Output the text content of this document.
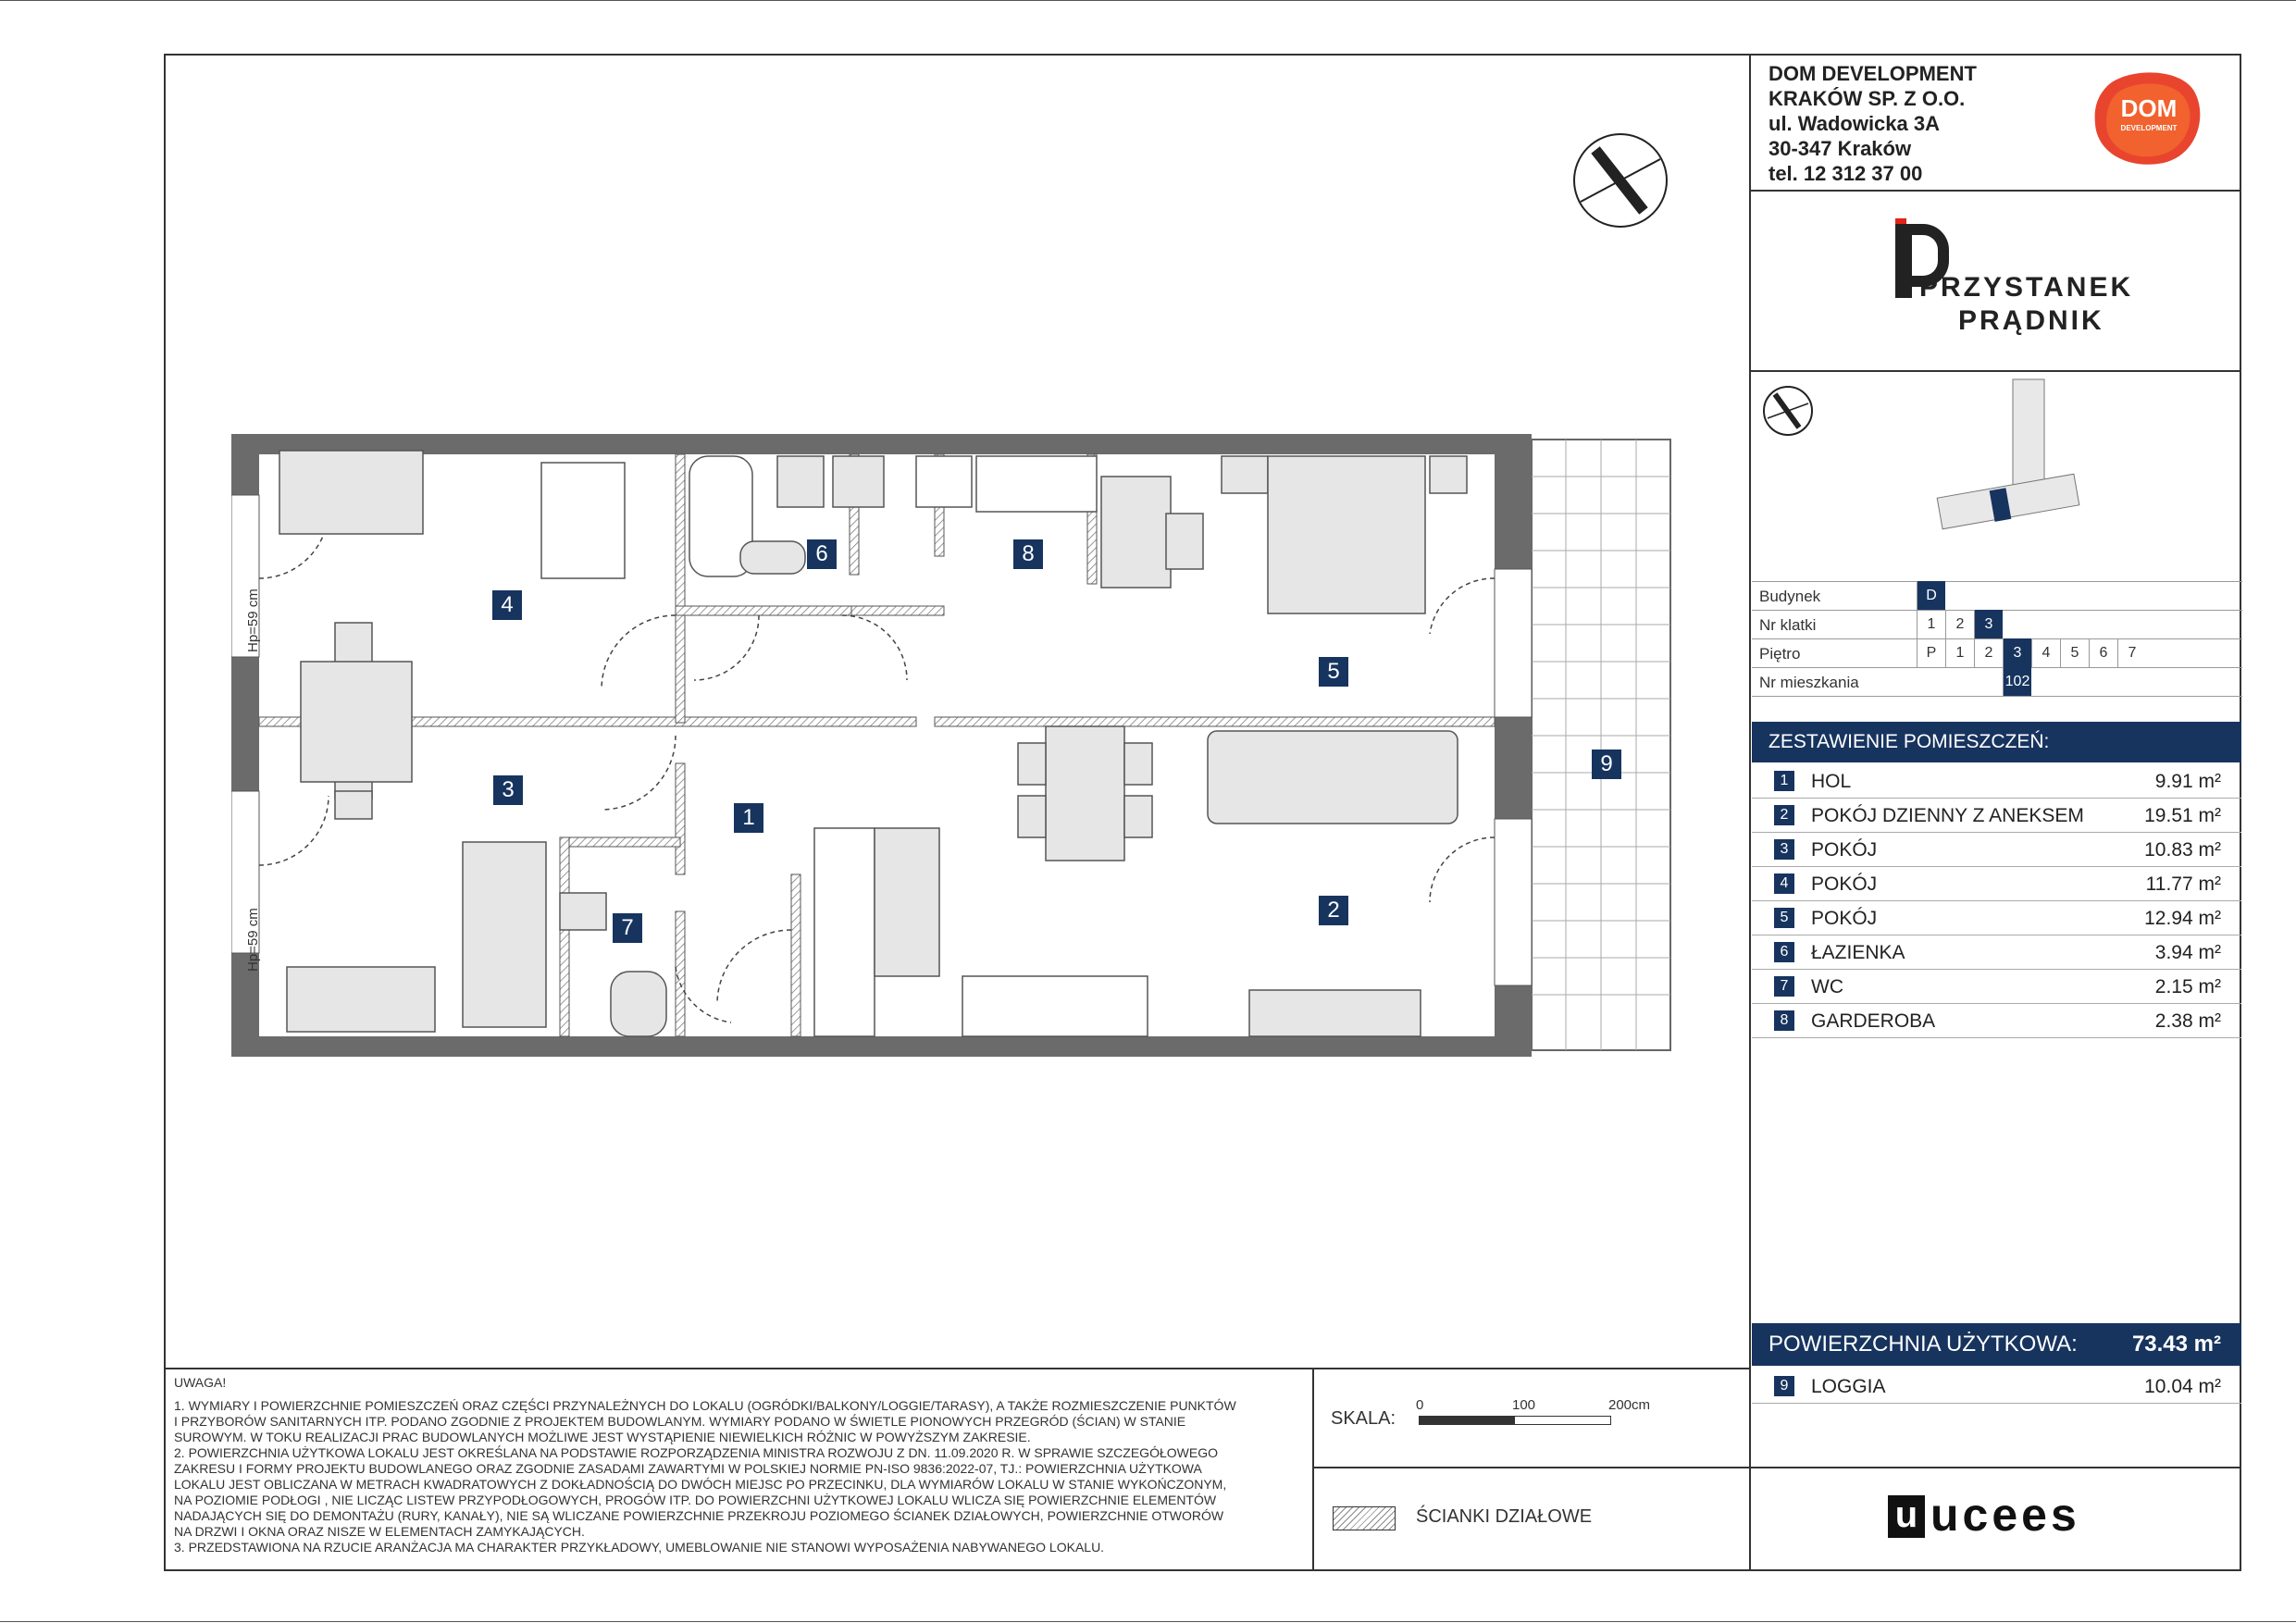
DOM DEVELOPMENT
KRAKÓW SP. Z O.O.
ul. Wadowicka 3A
30-347 Kraków
tel. 12 312 37 00
DOM
DEVELOPMENT
PRZYSTANEK
PRĄDNIK
Budynek	D
Nr klatki	1	2	3
Piętro	P	1	2	3	4	5	6	7
Nr mieszkania	102
ZESTAWIENIE POMIESZCZEŃ:
1	HOL	9.91 m²
2	POKÓJ DZIENNY Z ANEKSEM	19.51 m²
3	POKÓJ	10.83 m²
4	POKÓJ	11.77 m²
5	POKÓJ	12.94 m²
6	ŁAZIENKA	3.94 m²
7	WC	2.15 m²
8	GARDEROBA	2.38 m²
POWIERZCHNIA UŻYTKOWA: 73.43 m²
9	LOGGIA	10.04 m²
u ucees
UWAGA!
1. WYMIARY I POWIERZCHNIE POMIESZCZEŃ ORAZ CZĘŚCI PRZYNALEŻNYCH DO LOKALU (OGRÓDKI/BALKONY/LOGGIE/TARASY), A TAKŻE ROZMIESZCZENIE PUNKTÓW
I PRZYBORÓW SANITARNYCH ITP. PODANO ZGODNIE Z PROJEKTEM BUDOWLANYM. WYMIARY PODANO W ŚWIETLE PIONOWYCH PRZEGRÓD (ŚCIAN) W STANIE
SUROWYM. W TOKU REALIZACJI PRAC BUDOWLANYCH MOŻLIWE JEST WYSTĄPIENIE NIEWIELKICH RÓŻNIC W POWYŻSZYM ZAKRESIE.
2. POWIERZCHNIA UŻYTKOWA LOKALU JEST OKREŚLANA NA PODSTAWIE ROZPORZĄDZENIA MINISTRA ROZWOJU Z DN. 11.09.2020 R. W SPRAWIE SZCZEGÓŁOWEGO
ZAKRESU I FORMY PROJEKTU BUDOWLANEGO ORAZ ZGODNIE ZASADAMI ZAWARTYMI W POLSKIEJ NORMIE PN-ISO 9836:2022-07, TJ.: POWIERZCHNIA UŻYTKOWA
LOKALU JEST OBLICZANA W METRACH KWADRATOWYCH Z DOKŁADNOŚCIĄ DO DWÓCH MIEJSC PO PRZECINKU, DLA WYMIARÓW LOKALU W STANIE WYKOŃCZONYM,
NA POZIOMIE PODŁOGI , NIE LICZĄC LISTEW PRZYPODŁOGOWYCH, PROGÓW ITP. DO POWIERZCHNI UŻYTKOWEJ LOKALU WLICZA SIĘ POWIERZCHNIE ELEMENTÓW
NADAJĄCYCH SIĘ DO DEMONTAŻU (RURY, KANAŁY), NIE SĄ WLICZANE POWIERZCHNIE PRZEKROJU POZIOMEGO ŚCIANEK DZIAŁOWYCH, POWIERZCHNIE OTWORÓW
NA DRZWI I OKNA ORAZ NISZE W ELEMENTACH ZAMYKAJĄCYCH.
3. PRZEDSTAWIONA NA RZUCIE ARANŻACJA MA CHARAKTER PRZYKŁADOWY, UMEBLOWANIE NIE STANOWI WYPOSAŻENIA NABYWANEGO LOKALU.
SKALA:
0	100	200cm
ŚCIANKI DZIAŁOWE
4
6	8
5
3
1
7
2
9
Hp=59 cm
Hp=59 cm
